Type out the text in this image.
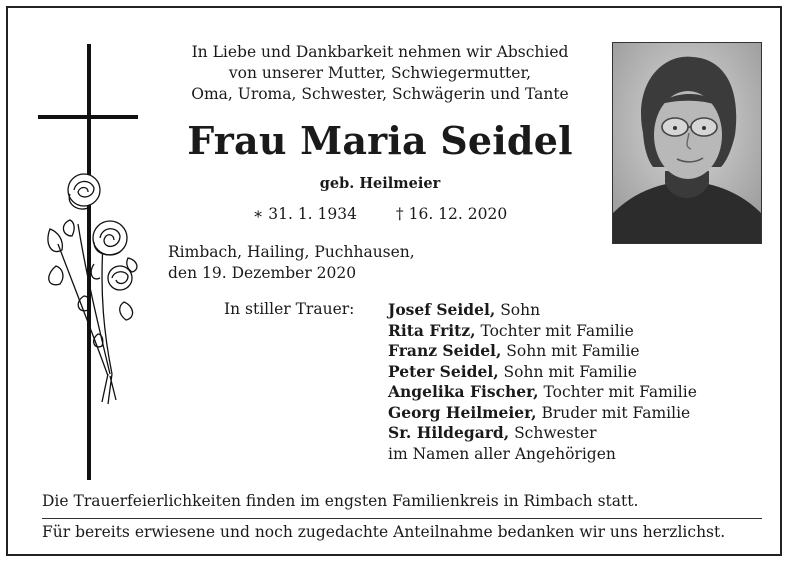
In Liebe und Dankbarkeit nehmen wir Abschied
von unserer Mutter, Schwiegermutter,
Oma, Uroma, Schwester, Schwägerin und Tante
Frau Maria Seidel
geb. Heilmeier
∗ 31. 1. 1934	† 16. 12. 2020
Rimbach, Hailing, Puchhausen,
den 19. Dezember 2020
In stiller Trauer: Josef Seidel, Sohn
Rita Fritz, Tochter mit Familie
Franz Seidel, Sohn mit Familie
Peter Seidel, Sohn mit Familie
Angelika Fischer, Tochter mit Familie
Georg Heilmeier, Bruder mit Familie
Sr. Hildegard, Schwester
im Namen aller Angehörigen
Die Trauerfeierlichkeiten finden im engsten Familienkreis in Rimbach statt.
Für bereits erwiesene und noch zugedachte Anteilnahme bedanken wir uns herzlichst.
